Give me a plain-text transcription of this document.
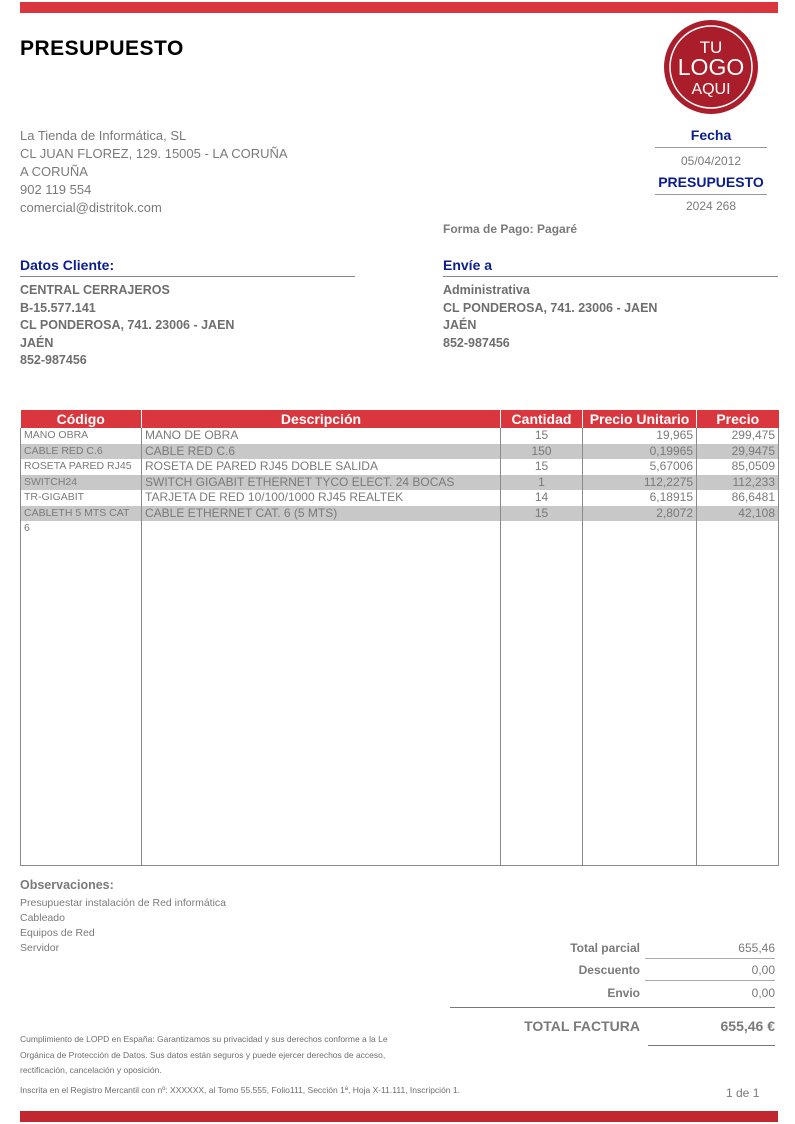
PRESUPUESTO	TU
LOGO
AQUI
La Tienda de Informática, SL
CL JUAN FLOREZ, 129. 15005 - LA CORUÑA
A CORUÑA
902 119 554
comercial@distritok.com
Fecha
05/04/2012
PRESUPUESTO
2024 268
Forma de Pago: Pagaré
Datos Cliente:
CENTRAL CERRAJEROS
B-15.577.141
CL PONDEROSA, 741. 23006 - JAEN
JAÉN
852-987456
Envíe a
Administrativa
CL PONDEROSA, 741. 23006 - JAEN
JAÉN
852-987456
Código	Descripción	Cantidad	Precio Unitario	Precio
MANO OBRA	MANO DE OBRA	15	19,965	299,475
CABLE RED C.6	CABLE RED C.6	150	0,19965	29,9475
ROSETA PARED RJ45	ROSETA DE PARED RJ45 DOBLE SALIDA	15	5,67006	85,0509
SWITCH24	SWITCH GIGABIT ETHERNET TYCO ELECT. 24 BOCAS	1	112,2275	112,233
TR-GIGABIT	TARJETA DE RED 10/100/1000 RJ45 REALTEK	14	6,18915	86,6481
CABLETH 5 MTS CAT	CABLE ETHERNET CAT. 6 (5 MTS)	15	2,8072	42,108
6				
Observaciones:
Presupuestar instalación de Red informática
Cableado
Equipos de Red
Servidor	Total parcial	655,46
Descuento	0,00
Envio	0,00
TOTAL FACTURA	655,46 €
Cumplimiento de LOPD en España: Garantizamos su privacidad y sus derechos conforme a la Le
Orgánica de Protección de Datos. Sus datos están seguros y puede ejercer derechos de acceso,
rectificación, cancelación y oposición.
Inscrita en el Registro Mercantil con nº: XXXXXX, al Tomo 55.555, Folio111, Sección 1ª, Hoja X-11.111, Inscripción 1.	1 de 1
